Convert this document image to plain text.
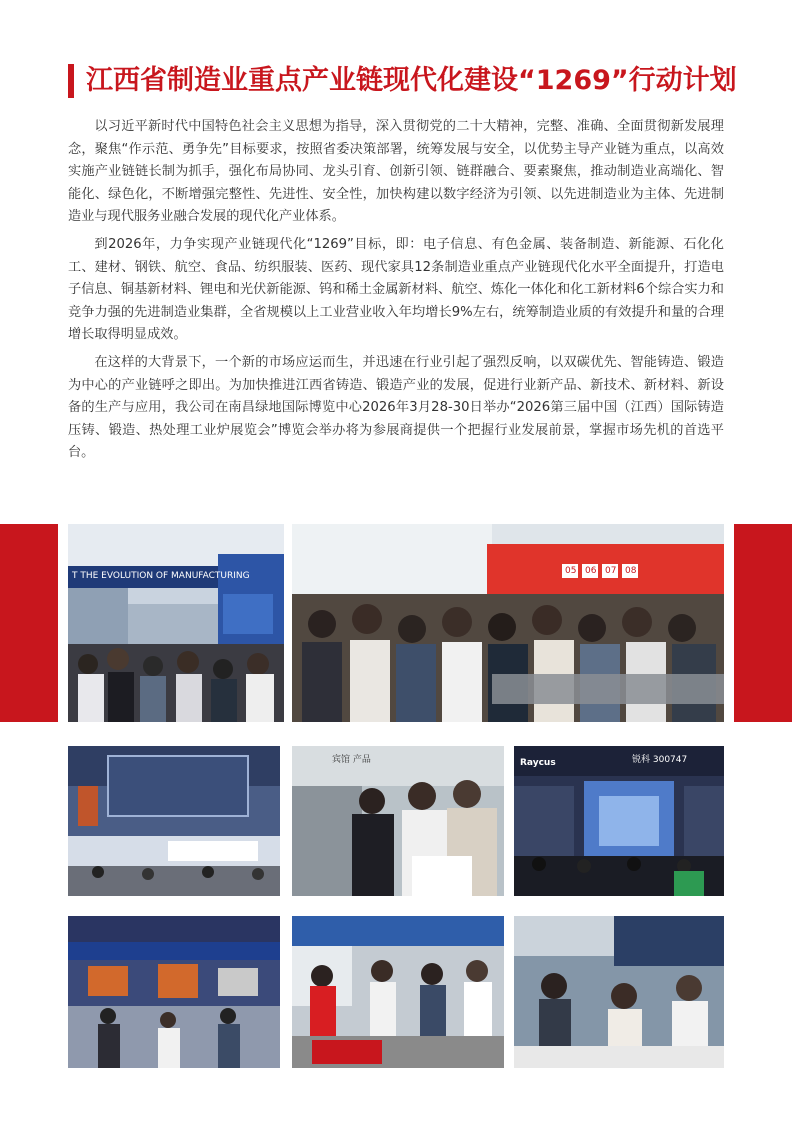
江西省制造业重点产业链现代化建设“1269”行动计划

以习近平新时代中国特色社会主义思想为指导，深入贯彻党的二十大精神，完整、准确、全面贯彻新发展理念，聚焦“作示范、勇争先”目标要求，按照省委决策部署，统筹发展与安全，以优势主导产业链为重点，以高效实施产业链链长制为抓手，强化布局协同、龙头引育、创新引领、链群融合、要素聚焦，推动制造业高端化、智能化、绿色化，不断增强完整性、先进性、安全性，加快构建以数字经济为引领、以先进制造业为主体、先进制造业与现代服务业融合发展的现代化产业体系。

到2026年，力争实现产业链现代化“1269”目标，即：电子信息、有色金属、装备制造、新能源、石化化工、建材、钢铁、航空、食品、纺织服装、医药、现代家具12条制造业重点产业链现代化水平全面提升，打造电子信息、铜基新材料、锂电和光伏新能源、钨和稀土金属新材料、航空、炼化一体化和化工新材料6个综合实力和竞争力强的先进制造业集群，全省规模以上工业营业收入年均增长9%左右，统筹制造业质的有效提升和量的合理增长取得明显成效。

在这样的大背景下，一个新的市场应运而生，并迅速在行业引起了强烈反响，以双碳优先、智能铸造、锻造为中心的产业链呼之即出。为加快推进江西省铸造、锻造产业的发展，促进行业新产品、新技术、新材料、新设备的生产与应用，我公司在南昌绿地国际博览中心2026年3月28-30日举办“2026第三届中国（江西）国际铸造压铸、锻造、热处理工业炉展览会”博览会举办将为参展商提供一个把握行业发展前景，掌握市场先机的首选平台。

T THE EVOLUTION OF MANUFACTURING	05 06 07 08
宾馆 产品	Raycus	锐科 300747
